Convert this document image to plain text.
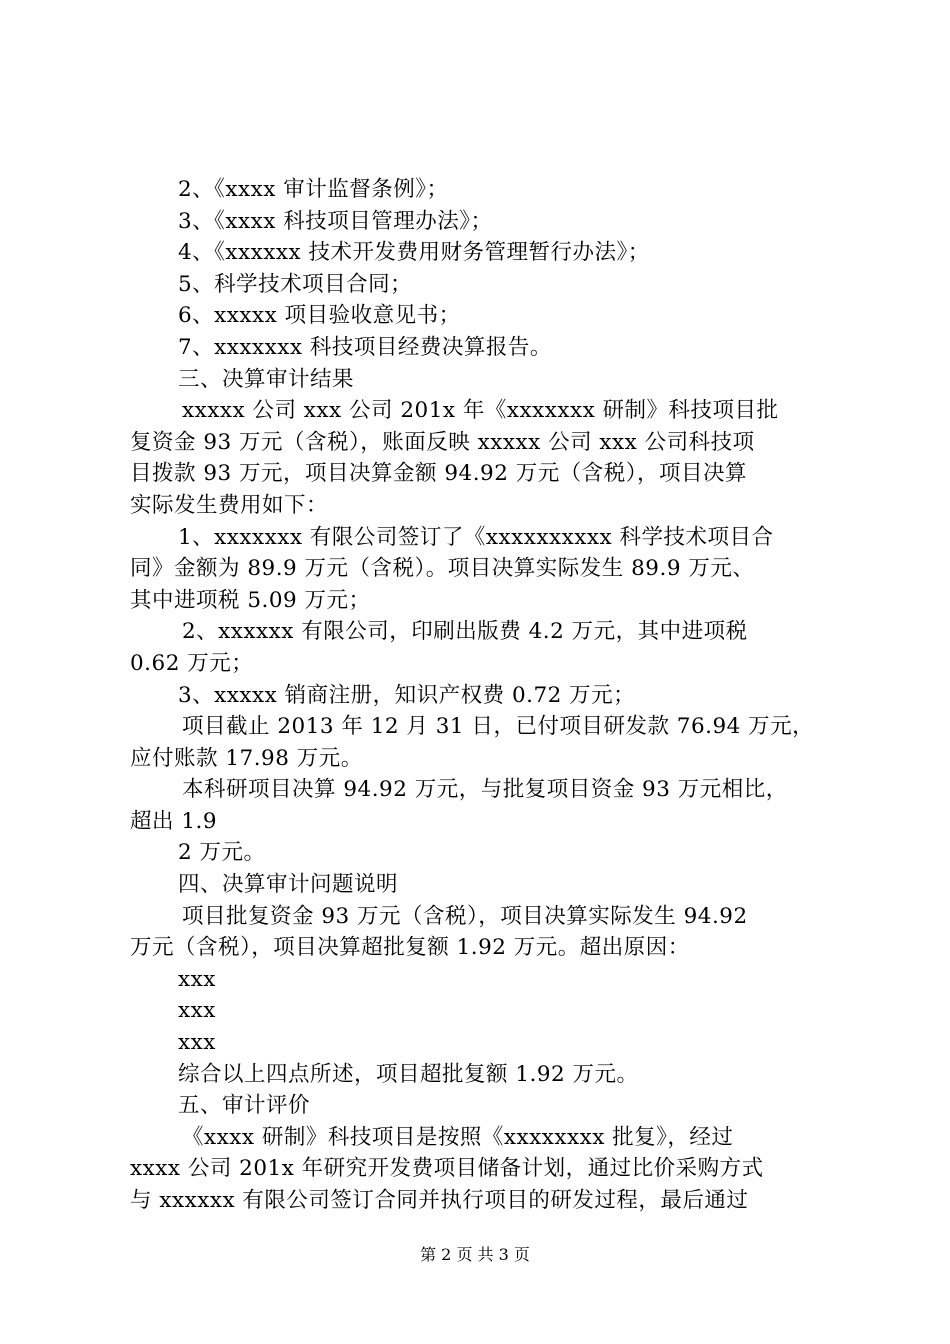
2、《xxxx 审计监督条例》；
3、《xxxx 科技项目管理办法》；
4、《xxxxxx 技术开发费用财务管理暂行办法》；
5、科学技术项目合同；
6、xxxxx 项目验收意见书；
7、xxxxxxx 科技项目经费决算报告。
三、决算审计结果
xxxxx 公司 xxx 公司 201x 年《xxxxxxx 研制》科技项目批
复资金 93 万元（含税），账面反映 xxxxx 公司 xxx 公司科技项
目拨款 93 万元，项目决算金额 94.92 万元（含税），项目决算
实际发生费用如下：
1、xxxxxxx 有限公司签订了《xxxxxxxxxx 科学技术项目合
同》金额为 89.9 万元（含税）。项目决算实际发生 89.9 万元、
其中进项税 5.09 万元；
2、xxxxxx 有限公司，印刷出版费 4.2 万元，其中进项税
0.62 万元；
3、xxxxx 销商注册，知识产权费 0.72 万元；
项目截止 2013 年 12 月 31 日，已付项目研发款 76.94 万元，
应付账款 17.98 万元。
本科研项目决算 94.92 万元，与批复项目资金 93 万元相比，
超出 1.9
2 万元。
四、决算审计问题说明
项目批复资金 93 万元（含税），项目决算实际发生 94.92
万元（含税），项目决算超批复额 1.92 万元。超出原因：
xxx
xxx
xxx
综合以上四点所述，项目超批复额 1.92 万元。
五、审计评价
《xxxx 研制》科技项目是按照《xxxxxxxx 批复》，经过
xxxx 公司 201x 年研究开发费项目储备计划，通过比价采购方式
与 xxxxxx 有限公司签订合同并执行项目的研发过程，最后通过
第 2 页 共 3 页
